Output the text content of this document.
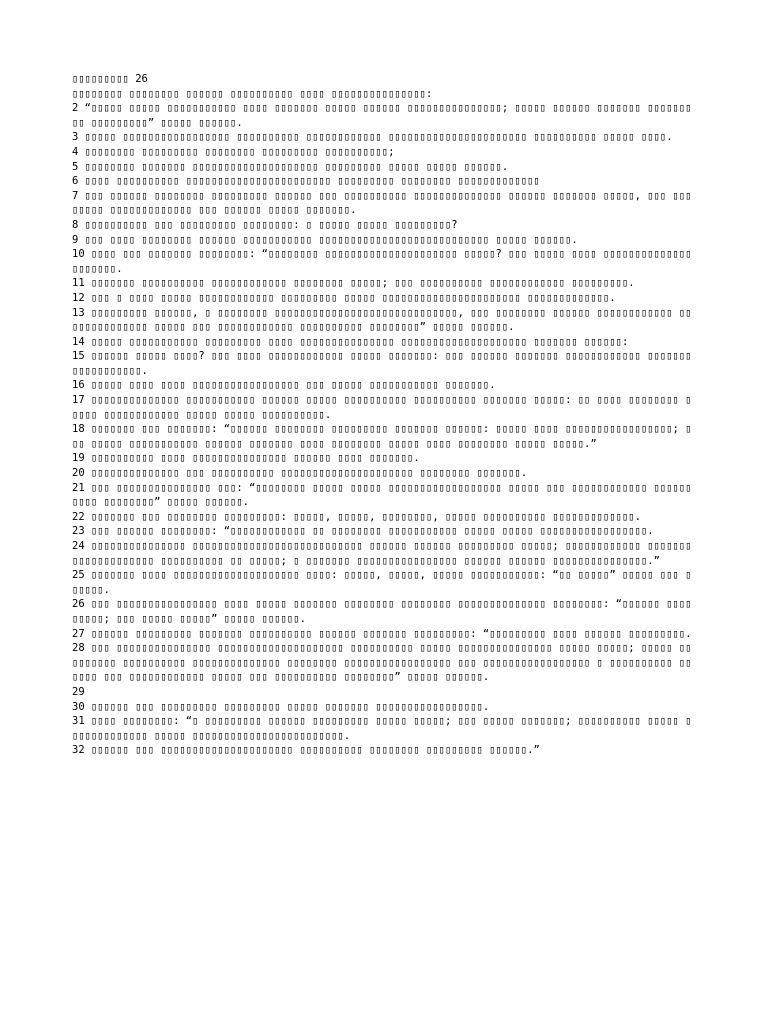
▯▯▯▯▯▯▯▯▯ 26

▯▯▯▯▯▯▯▯ ▯▯▯▯▯▯▯▯ ▯▯▯▯▯▯ ▯▯▯▯▯▯▯▯▯▯ ▯▯▯▯ ▯▯▯▯▯▯▯▯▯▯▯▯▯▯▯:

2 “▯▯▯▯▯ ▯▯▯▯▯ ▯▯▯▯▯▯▯▯▯▯▯ ▯▯▯▯ ▯▯▯▯▯▯▯ ▯▯▯▯▯ ▯▯▯▯▯▯ ▯▯▯▯▯▯▯▯▯▯▯▯▯▯▯; ▯▯▯▯▯ ▯▯▯▯▯▯ ▯▯▯▯▯▯▯ ▯▯▯▯▯▯▯▯▯ ▯▯▯▯▯▯▯▯▯” ▯▯▯▯▯ ▯▯▯▯▯▯.

3 ▯▯▯▯▯ ▯▯▯▯▯▯▯▯▯▯▯▯▯▯▯▯▯ ▯▯▯▯▯▯▯▯▯▯ ▯▯▯▯▯▯▯▯▯▯▯▯ ▯▯▯▯▯▯▯▯▯▯▯▯▯▯▯▯▯▯▯▯▯▯ ▯▯▯▯▯▯▯▯▯▯ ▯▯▯▯▯ ▯▯▯▯.

4 ▯▯▯▯▯▯▯▯ ▯▯▯▯▯▯▯▯▯ ▯▯▯▯▯▯▯▯ ▯▯▯▯▯▯▯▯▯ ▯▯▯▯▯▯▯▯▯▯;

5 ▯▯▯▯▯▯▯▯ ▯▯▯▯▯▯▯ ▯▯▯▯▯▯▯▯▯▯▯▯▯▯▯▯▯▯▯▯ ▯▯▯▯▯▯▯▯▯ ▯▯▯▯▯ ▯▯▯▯▯ ▯▯▯▯▯▯.

6 ▯▯▯▯ ▯▯▯▯▯▯▯▯▯▯ ▯▯▯▯▯▯▯▯▯▯▯▯▯▯▯▯▯▯▯▯▯▯▯ ▯▯▯▯▯▯▯▯▯ ▯▯▯▯▯▯▯▯ ▯▯▯▯▯▯▯▯▯▯▯▯▯

7 ▯▯▯ ▯▯▯▯▯▯ ▯▯▯▯▯▯▯▯ ▯▯▯▯▯▯▯▯▯ ▯▯▯▯▯▯ ▯▯▯ ▯▯▯▯▯▯▯▯▯▯ ▯▯▯▯▯▯▯▯▯▯▯▯▯▯ ▯▯▯▯▯▯ ▯▯▯▯▯▯▯ ▯▯▯▯▯, ▯▯▯ ▯▯▯▯▯▯▯▯ ▯▯▯▯▯▯▯▯▯▯▯▯▯ ▯▯▯ ▯▯▯▯▯▯ ▯▯▯▯▯ ▯▯▯▯▯▯▯.

8 ▯▯▯▯▯▯▯▯▯▯ ▯▯▯ ▯▯▯▯▯▯▯▯▯ ▯▯▯▯▯▯▯▯: ▯ ▯▯▯▯▯ ▯▯▯▯▯ ▯▯▯▯▯▯▯▯▯?

9 ▯▯▯ ▯▯▯▯ ▯▯▯▯▯▯▯▯ ▯▯▯▯▯▯ ▯▯▯▯▯▯▯▯▯▯▯ ▯▯▯▯▯▯▯▯▯▯▯▯▯▯▯▯▯▯▯▯▯▯▯▯▯▯▯ ▯▯▯▯▯ ▯▯▯▯▯▯.

10 ▯▯▯▯ ▯▯▯ ▯▯▯▯▯▯▯ ▯▯▯▯▯▯▯▯: “▯▯▯▯▯▯▯▯ ▯▯▯▯▯▯▯▯▯▯▯▯▯▯▯▯▯▯▯▯▯ ▯▯▯▯▯? ▯▯▯ ▯▯▯▯▯ ▯▯▯▯ ▯▯▯▯▯▯▯▯▯▯▯▯▯▯ ▯▯▯▯▯▯▯.

11 ▯▯▯▯▯▯▯ ▯▯▯▯▯▯▯▯▯▯ ▯▯▯▯▯▯▯▯▯▯▯▯ ▯▯▯▯▯▯▯▯ ▯▯▯▯▯; ▯▯▯ ▯▯▯▯▯▯▯▯▯▯ ▯▯▯▯▯▯▯▯▯▯▯▯ ▯▯▯▯▯▯▯▯▯.

12 ▯▯▯ ▯ ▯▯▯▯ ▯▯▯▯▯ ▯▯▯▯▯▯▯▯▯▯▯▯ ▯▯▯▯▯▯▯▯▯ ▯▯▯▯▯ ▯▯▯▯▯▯▯▯▯▯▯▯▯▯▯▯▯▯▯▯▯▯ ▯▯▯▯▯▯▯▯▯▯▯▯▯.

13 ▯▯▯▯▯▯▯▯▯ ▯▯▯▯▯▯, ▯ ▯▯▯▯▯▯▯▯ ▯▯▯▯▯▯▯▯▯▯▯▯▯▯▯▯▯▯▯▯▯▯▯▯▯▯▯▯▯, ▯▯▯ ▯▯▯▯▯▯▯▯ ▯▯▯▯▯▯ ▯▯▯▯▯▯▯▯▯▯▯▯ ▯▯▯▯▯▯▯▯▯▯▯▯▯▯ ▯▯▯▯▯ ▯▯▯ ▯▯▯▯▯▯▯▯▯▯▯▯ ▯▯▯▯▯▯▯▯▯▯ ▯▯▯▯▯▯▯▯” ▯▯▯▯▯ ▯▯▯▯▯▯.

14 ▯▯▯▯▯ ▯▯▯▯▯▯▯▯▯▯▯ ▯▯▯▯▯▯▯▯▯ ▯▯▯▯ ▯▯▯▯▯▯▯▯▯▯▯▯▯▯▯ ▯▯▯▯▯▯▯▯▯▯▯▯▯▯▯▯▯▯▯▯ ▯▯▯▯▯▯▯ ▯▯▯▯▯▯:

15 ▯▯▯▯▯▯ ▯▯▯▯▯ ▯▯▯▯? ▯▯▯ ▯▯▯▯ ▯▯▯▯▯▯▯▯▯▯▯▯ ▯▯▯▯▯ ▯▯▯▯▯▯▯: ▯▯▯ ▯▯▯▯▯▯ ▯▯▯▯▯▯▯ ▯▯▯▯▯▯▯▯▯▯▯▯ ▯▯▯▯▯▯▯▯▯▯▯▯▯▯▯▯▯▯.

16 ▯▯▯▯▯ ▯▯▯▯ ▯▯▯▯ ▯▯▯▯▯▯▯▯▯▯▯▯▯▯▯▯▯ ▯▯▯ ▯▯▯▯▯ ▯▯▯▯▯▯▯▯▯▯▯ ▯▯▯▯▯▯▯.

17 ▯▯▯▯▯▯▯▯▯▯▯▯▯▯ ▯▯▯▯▯▯▯▯▯▯▯ ▯▯▯▯▯▯ ▯▯▯▯▯ ▯▯▯▯▯▯▯▯▯▯ ▯▯▯▯▯▯▯▯▯▯ ▯▯▯▯▯▯▯ ▯▯▯▯▯: ▯▯ ▯▯▯▯ ▯▯▯▯▯▯▯▯ ▯▯▯▯▯ ▯▯▯▯▯▯▯▯▯▯▯▯ ▯▯▯▯▯ ▯▯▯▯▯ ▯▯▯▯▯▯▯▯▯▯.

18 ▯▯▯▯▯▯▯ ▯▯▯ ▯▯▯▯▯▯▯: “▯▯▯▯▯▯ ▯▯▯▯▯▯▯▯ ▯▯▯▯▯▯▯▯▯ ▯▯▯▯▯▯▯ ▯▯▯▯▯▯: ▯▯▯▯▯ ▯▯▯▯ ▯▯▯▯▯▯▯▯▯▯▯▯▯▯▯▯▯; ▯▯▯ ▯▯▯▯▯ ▯▯▯▯▯▯▯▯▯▯▯ ▯▯▯▯▯▯ ▯▯▯▯▯▯▯ ▯▯▯▯ ▯▯▯▯▯▯▯▯ ▯▯▯▯▯ ▯▯▯▯ ▯▯▯▯▯▯▯▯ ▯▯▯▯▯ ▯▯▯▯▯.”

19 ▯▯▯▯▯▯▯▯▯▯ ▯▯▯▯ ▯▯▯▯▯▯▯▯▯▯▯▯▯▯▯ ▯▯▯▯▯▯ ▯▯▯▯ ▯▯▯▯▯▯▯.

20 ▯▯▯▯▯▯▯▯▯▯▯▯▯▯ ▯▯▯ ▯▯▯▯▯▯▯▯▯▯ ▯▯▯▯▯▯▯▯▯▯▯▯▯▯▯▯▯▯▯▯▯ ▯▯▯▯▯▯▯▯ ▯▯▯▯▯▯▯.

21 ▯▯▯ ▯▯▯▯▯▯▯▯▯▯▯▯▯▯▯ ▯▯▯: “▯▯▯▯▯▯▯▯ ▯▯▯▯▯ ▯▯▯▯▯ ▯▯▯▯▯▯▯▯▯▯▯▯▯▯▯▯▯▯ ▯▯▯▯▯ ▯▯▯ ▯▯▯▯▯▯▯▯▯▯▯▯ ▯▯▯▯▯▯▯▯▯▯ ▯▯▯▯▯▯▯▯” ▯▯▯▯▯ ▯▯▯▯▯▯.

22 ▯▯▯▯▯▯▯ ▯▯▯ ▯▯▯▯▯▯▯▯ ▯▯▯▯▯▯▯▯▯: ▯▯▯▯▯, ▯▯▯▯▯, ▯▯▯▯▯▯▯▯, ▯▯▯▯▯ ▯▯▯▯▯▯▯▯▯▯ ▯▯▯▯▯▯▯▯▯▯▯▯▯.

23 ▯▯▯ ▯▯▯▯▯▯ ▯▯▯▯▯▯▯▯: “▯▯▯▯▯▯▯▯▯▯▯▯ ▯▯ ▯▯▯▯▯▯▯▯ ▯▯▯▯▯▯▯▯▯▯▯ ▯▯▯▯▯ ▯▯▯▯▯ ▯▯▯▯▯▯▯▯▯▯▯▯▯▯▯▯▯.

24 ▯▯▯▯▯▯▯▯▯▯▯▯▯▯▯ ▯▯▯▯▯▯▯▯▯▯▯▯▯▯▯▯▯▯▯▯▯▯▯▯▯▯▯ ▯▯▯▯▯▯ ▯▯▯▯▯▯ ▯▯▯▯▯▯▯▯▯ ▯▯▯▯▯; ▯▯▯▯▯▯▯▯▯▯▯▯ ▯▯▯▯▯▯▯▯▯▯▯▯▯▯▯▯▯▯▯▯ ▯▯▯▯▯▯▯▯▯▯ ▯▯ ▯▯▯▯▯; ▯ ▯▯▯▯▯▯▯ ▯▯▯▯▯▯▯▯▯▯▯▯▯▯▯▯ ▯▯▯▯▯▯ ▯▯▯▯▯▯ ▯▯▯▯▯▯▯▯▯▯▯▯▯▯▯.”

25 ▯▯▯▯▯▯▯ ▯▯▯▯ ▯▯▯▯▯▯▯▯▯▯▯▯▯▯▯▯▯▯▯▯ ▯▯▯▯: ▯▯▯▯▯, ▯▯▯▯▯, ▯▯▯▯▯ ▯▯▯▯▯▯▯▯▯▯▯: “▯▯ ▯▯▯▯▯” ▯▯▯▯▯ ▯▯▯ ▯▯▯▯▯▯.

26 ▯▯▯ ▯▯▯▯▯▯▯▯▯▯▯▯▯▯▯▯ ▯▯▯▯ ▯▯▯▯▯ ▯▯▯▯▯▯▯ ▯▯▯▯▯▯▯▯ ▯▯▯▯▯▯▯▯ ▯▯▯▯▯▯▯▯▯▯▯▯▯▯ ▯▯▯▯▯▯▯▯: “▯▯▯▯▯▯ ▯▯▯▯▯▯▯▯▯; ▯▯▯ ▯▯▯▯▯ ▯▯▯▯▯” ▯▯▯▯▯ ▯▯▯▯▯▯.

27 ▯▯▯▯▯▯ ▯▯▯▯▯▯▯▯▯ ▯▯▯▯▯▯▯ ▯▯▯▯▯▯▯▯▯▯ ▯▯▯▯▯▯ ▯▯▯▯▯▯▯ ▯▯▯▯▯▯▯▯▯: “▯▯▯▯▯▯▯▯▯ ▯▯▯▯ ▯▯▯▯▯▯ ▯▯▯▯▯▯▯▯▯.

28 ▯▯▯ ▯▯▯▯▯▯▯▯▯▯▯▯▯▯▯ ▯▯▯▯▯▯▯▯▯▯▯▯▯▯▯▯▯▯▯▯ ▯▯▯▯▯▯▯▯▯▯ ▯▯▯▯▯ ▯▯▯▯▯▯▯▯▯▯▯▯▯▯▯ ▯▯▯▯▯ ▯▯▯▯▯; ▯▯▯▯▯ ▯▯▯▯▯▯▯▯▯ ▯▯▯▯▯▯▯▯▯▯ ▯▯▯▯▯▯▯▯▯▯▯▯▯▯ ▯▯▯▯▯▯▯▯ ▯▯▯▯▯▯▯▯▯▯▯▯▯▯▯▯▯ ▯▯▯ ▯▯▯▯▯▯▯▯▯▯▯▯▯▯▯▯▯ ▯ ▯▯▯▯▯▯▯▯▯▯ ▯▯▯▯▯▯ ▯▯▯ ▯▯▯▯▯▯▯▯▯▯▯▯ ▯▯▯▯▯ ▯▯▯ ▯▯▯▯▯▯▯▯▯▯ ▯▯▯▯▯▯▯▯” ▯▯▯▯▯ ▯▯▯▯▯▯.

29

30 ▯▯▯▯▯▯ ▯▯▯ ▯▯▯▯▯▯▯▯▯ ▯▯▯▯▯▯▯▯▯ ▯▯▯▯▯ ▯▯▯▯▯▯▯ ▯▯▯▯▯▯▯▯▯▯▯▯▯▯▯▯▯.

31 ▯▯▯▯ ▯▯▯▯▯▯▯▯: “▯ ▯▯▯▯▯▯▯▯▯ ▯▯▯▯▯▯ ▯▯▯▯▯▯▯▯▯ ▯▯▯▯▯ ▯▯▯▯▯; ▯▯▯ ▯▯▯▯▯ ▯▯▯▯▯▯▯; ▯▯▯▯▯▯▯▯▯▯ ▯▯▯▯▯ ▯▯▯▯▯▯▯▯▯▯▯▯▯ ▯▯▯▯▯ ▯▯▯▯▯▯▯▯▯▯▯▯▯▯▯▯▯▯▯▯▯▯▯▯.

32 ▯▯▯▯▯▯ ▯▯▯ ▯▯▯▯▯▯▯▯▯▯▯▯▯▯▯▯▯▯▯▯▯ ▯▯▯▯▯▯▯▯▯▯ ▯▯▯▯▯▯▯▯ ▯▯▯▯▯▯▯▯▯ ▯▯▯▯▯▯.”
